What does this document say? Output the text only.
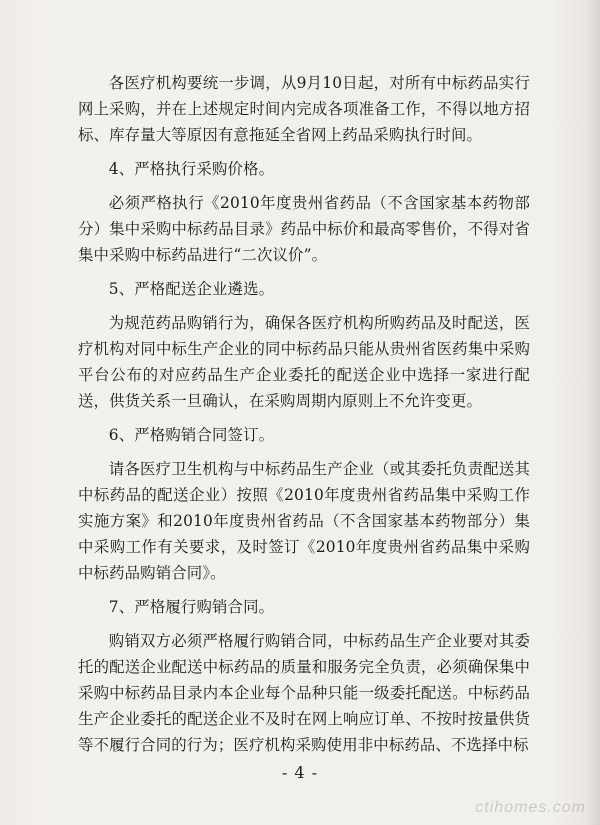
各医疗机构要统一步调，从9月10日起，对所有中标药品实行网上采购，并在上述规定时间内完成各项准备工作，不得以地方招标、库存量大等原因有意拖延全省网上药品采购执行时间。

4、严格执行采购价格。

必须严格执行《2010年度贵州省药品（不含国家基本药物部分）集中采购中标药品目录》药品中标价和最高零售价，不得对省集中采购中标药品进行“二次议价”。

5、严格配送企业遴选。

为规范药品购销行为，确保各医疗机构所购药品及时配送，医疗机构对同中标生产企业的同中标药品只能从贵州省医药集中采购平台公布的对应药品生产企业委托的配送企业中选择一家进行配送，供货关系一旦确认，在采购周期内原则上不允许变更。

6、严格购销合同签订。

请各医疗卫生机构与中标药品生产企业（或其委托负责配送其中标药品的配送企业）按照《2010年度贵州省药品集中采购工作实施方案》和2010年度贵州省药品（不含国家基本药物部分）集中采购工作有关要求，及时签订《2010年度贵州省药品集中采购中标药品购销合同》。

7、严格履行购销合同。

购销双方必须严格履行购销合同，中标药品生产企业要对其委托的配送企业配送中标药品的质量和服务完全负责，必须确保集中采购中标药品目录内本企业每个品种只能一级委托配送。中标药品生产企业委托的配送企业不及时在网上响应订单、不按时按量供货等不履行合同的行为；医疗机构采购使用非中标药品、不选择中标

- 4 -
ctihomes.com
